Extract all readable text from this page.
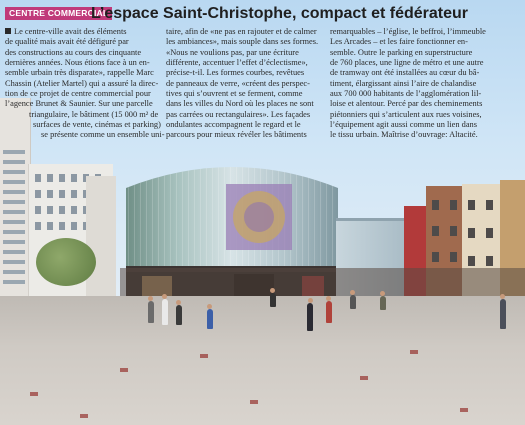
CENTRE COMMERCIAL
L’espace Saint-Christophe, compact et fédérateur
Le centre-ville avait des éléments
de qualité mais avait été défiguré par
des constructions au cours des cinquante
dernières années. Nous étions face à un en-
semble urbain très disparate», rappelle Marc
Chassin (Atelier Martel) qui a assuré la direc-
tion de ce projet de centre commercial pour
l’agence Brunet & Saunier. Sur une parcelle
triangulaire, le bâtiment (15 000 m² de
surfaces de vente, cinémas et parking)
se présente comme un ensemble uni-
taire, afin de «ne pas en rajouter et de calmer
les ambiances», mais souple dans ses formes.
«Nous ne voulions pas, par une écriture
différente, accentuer l’effet d’éclectisme»,
précise-t-il. Les formes courbes, revêtues
de panneaux de verre, «créent des perspec-
tives qui s’ouvrent et se ferment, comme
dans les villes du Nord où les places ne sont
pas carrées ou rectangulaires». Les façades
ondulantes accompagnent le regard et le
parcours pour mieux révéler les bâtiments
remarquables – l’église, le beffroi, l’immeuble
Les Arcades – et les faire fonctionner en-
semble. Outre le parking en superstructure
de 760 places, une ligne de métro et une autre
de tramway ont été installées au cœur du bâ-
timent, élargissant ainsi l’aire de chalandise
aux 700 000 habitants de l’agglomération lil-
loise et alentour. Percé par des cheminements
piétonniers qui s’articulent aux rues voisines,
l’équipement agit aussi comme un lien dans
le tissu urbain. Maîtrise d’ouvrage: Altacité.
